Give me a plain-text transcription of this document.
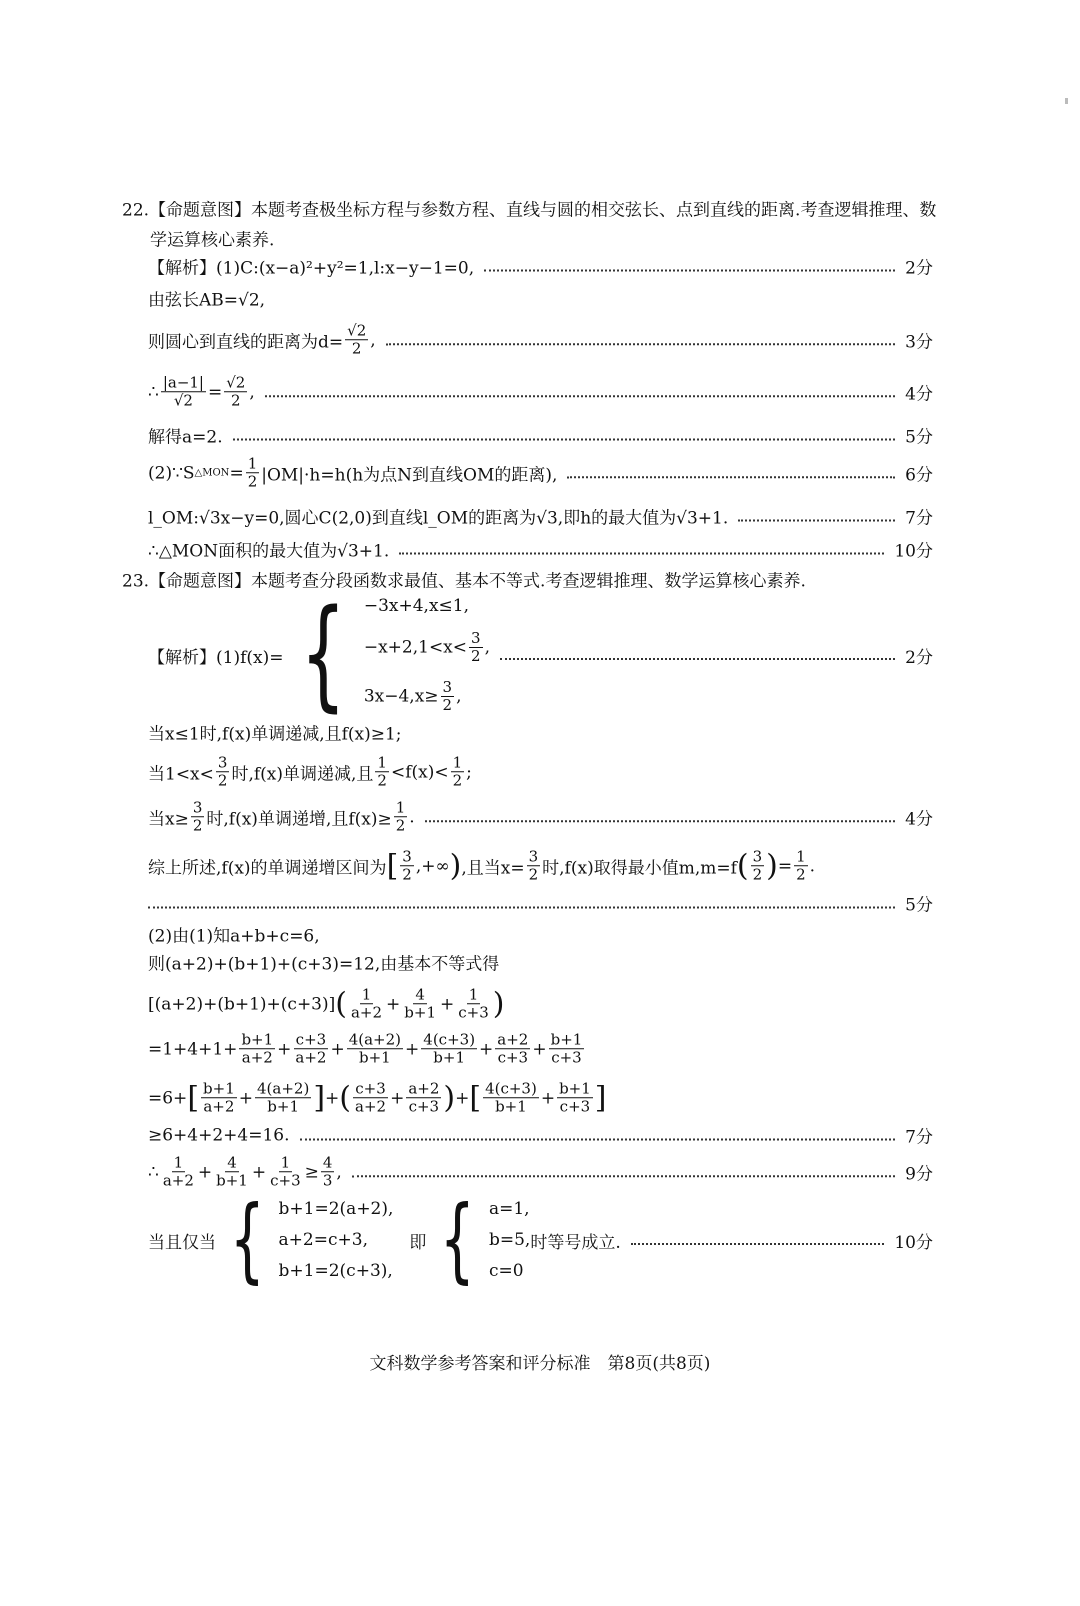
22.【命题意图】本题考查极坐标方程与参数方程、直线与圆的相交弦长、点到直线的距离.考查逻辑推理、数
学运算核心素养.
【解析】(1)C:(x−a)²+y²=1,l:x−y−1=0,	2分
由弦长AB=√2,
则圆心到直线的距离为$d= \frac{√2}{2}$ ,	3分
∴ $\frac{|a-1|}{√2} = \frac{√2}{2}$ ,	4分
解得a=2.	5分
(2)∵S △MON = $\frac{1}{2} |OM|\cdot h=h(h$为点N到直线OM的距离),	6分
l_OM:√3x−y=0,圆心C(2,0)到直线l_OM的距离为√3,即h的最大值为√3+1.	7分
∴△MON面积的最大值为√3+1.	10分
23.【命题意图】本题考查分段函数求最值、基本不等式.考查逻辑推理、数学运算核心素养.
【解析】(1)f(x)= { −3x+4,x≤1,
$-x+2,1<x< \frac{3}{2}$ ,
$3x-4,x\ge \frac{3}{2}$ ,
2分
当x≤1时,f(x)单调递减,且f(x)≥1;
当$1<x< \frac{3}{2}$ 时,f(x)单调递减,且 $\frac{1}{2} <f(x)< \frac{1}{2}$ ;
当$x\ge \frac{3}{2}$ 时,f(x)单调递增,且$f(x)\ge \frac{1}{2}$ .	4分
综上所述,f(x)的单调递增区间为 [ $\frac{3}{2}$ ,+∞ ) ,且当$x= \frac{3}{2}$ 时,f(x)取得最小值m,m=f ( $\frac{3}{2}$ ) = $\frac{1}{2}$ .
5分
(2)由(1)知a+b+c=6,
则(a+2)+(b+1)+(c+3)=12,由基本不等式得
[(a+2)+(b+1)+(c+3)] ( $\frac{1}{a+2} + \frac{4}{b+1} + \frac{1}{c+3}$ )
$=1+4+1+ \frac{b+1}{a+2} + \frac{c+3}{a+2} + \frac{4(a+2)}{b+1} + \frac{4(c+3)}{b+1} + \frac{a+2}{c+3} + \frac{b+1}{c+3}$
=6+ [ $\frac{b+1}{a+2} + \frac{4(a+2)}{b+1}$ ] + ( $\frac{c+3}{a+2} + \frac{a+2}{c+3}$ ) + [ $\frac{4(c+3)}{b+1} + \frac{b+1}{c+3}$ ]
≥6+4+2+4=16.	7分
∴ $\frac{1}{a+2} + \frac{4}{b+1} + \frac{1}{c+3} \ge \frac{4}{3}$ ,	9分
当且仅当 { b+1=2(a+2),
a+2=c+3,
b+1=2(c+3),
即 { a=1,
b=5,
c=0
时等号成立.	10分
文科数学参考答案和评分标准　第8页(共8页)
